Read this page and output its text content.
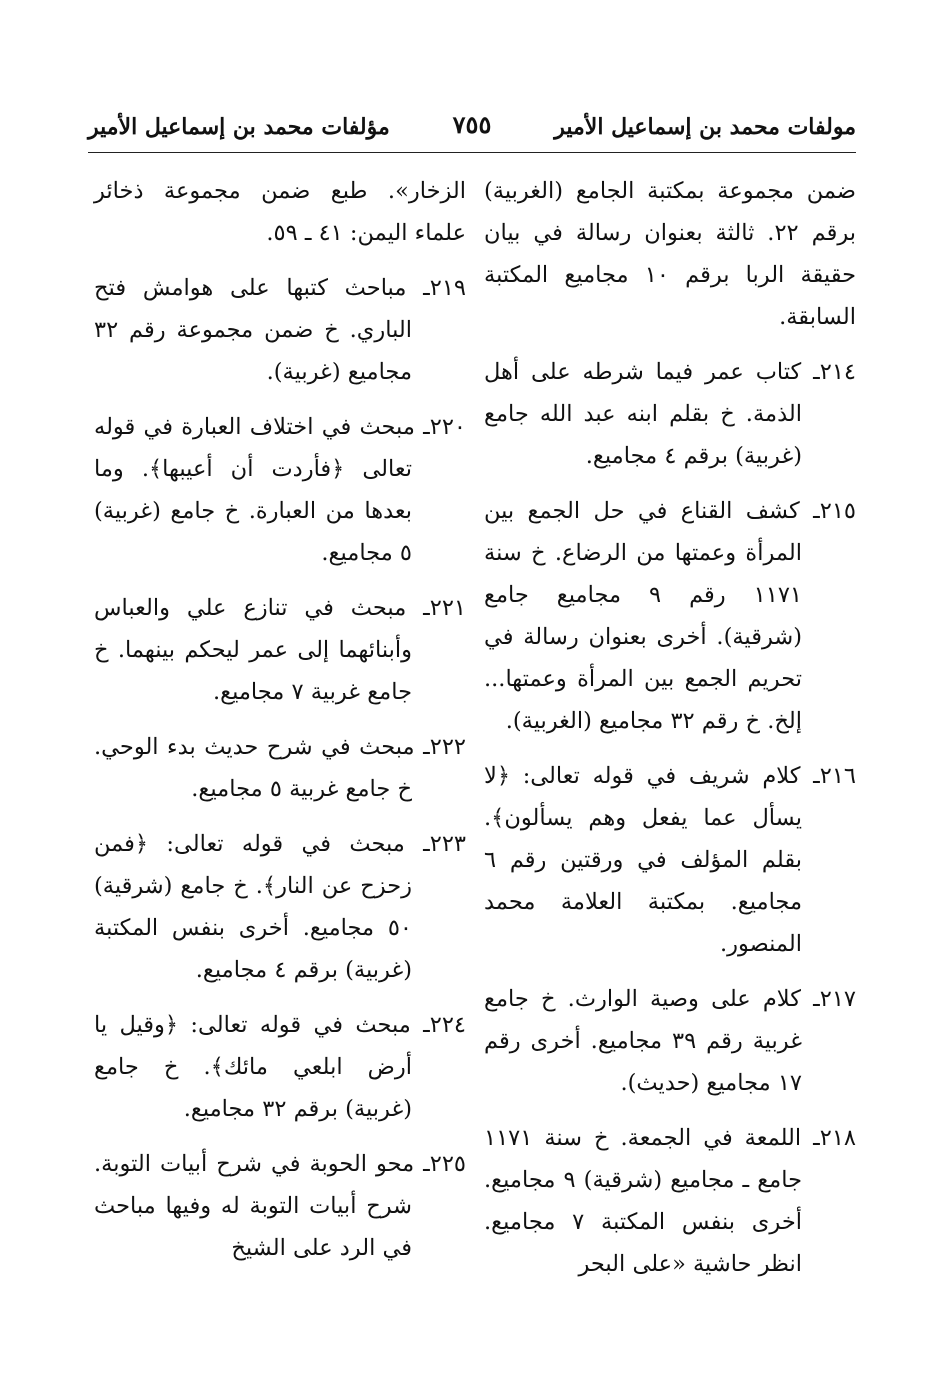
مولفات محمد بن إسماعيل الأمير
٧٥٥
مؤلفات محمد بن إسماعيل الأمير

ضمن مجموعة بمكتبة الجامع (الغربية) برقم ٢٢. ثالثة بعنوان رسالة في بيان حقيقة الربا برقم ١٠ مجاميع المكتبة السابقة.

٢١٤ـ كتاب عمر فيما شرطه على أهل الذمة. خ بقلم ابنه عبد الله جامع (غربية) برقم ٤ مجاميع.

٢١٥ـ كشف القناع في حل الجمع بين المرأة وعمتها من الرضاع. خ سنة ١١٧١ رقم ٩ مجاميع جامع (شرقية). أخرى بعنوان رسالة في تحريم الجمع بين المرأة وعمتها... إلخ. خ رقم ٣٢ مجاميع (الغربية).

٢١٦ـ كلام شريف في قوله تعالى: ﴿لا يسأل عما يفعل وهم يسألون﴾. بقلم المؤلف في ورقتين رقم ٦ مجاميع. بمكتبة العلامة محمد المنصور.

٢١٧ـ كلام على وصية الوارث. خ جامع غربية رقم ٣٩ مجاميع. أخرى رقم ١٧ مجاميع (حديث).

٢١٨ـ اللمعة في الجمعة. خ سنة ١١٧١ جامع ـ مجاميع (شرقية) ٩ مجاميع. أخرى بنفس المكتبة ٧ مجاميع. انظر حاشية «على البحر

الزخار». طبع ضمن مجموعة ذخائر علماء اليمن: ٤١ ـ ٥٩.

٢١٩ـ مباحث كتبها على هوامش فتح الباري. خ ضمن مجموعة رقم ٣٢ مجاميع (غربية).

٢٢٠ـ مبحث في اختلاف العبارة في قوله تعالى ﴿فأردت أن أعيبها﴾. وما بعدها من العبارة. خ جامع (غربية) ٥ مجاميع.

٢٢١ـ مبحث في تنازع علي والعباس وأبنائهما إلى عمر ليحكم بينهما. خ جامع غربية ٧ مجاميع.

٢٢٢ـ مبحث في شرح حديث بدء الوحي. خ جامع غربية ٥ مجاميع.

٢٢٣ـ مبحث في قوله تعالى: ﴿فمن زحزح عن النار﴾. خ جامع (شرقية) ٥٠ مجاميع. أخرى بنفس المكتبة (غربية) برقم ٤ مجاميع.

٢٢٤ـ مبحث في قوله تعالى: ﴿وقيل يا أرض ابلعي مائك﴾. خ جامع (غربية) برقم ٣٢ مجاميع.

٢٢٥ـ محو الحوبة في شرح أبيات التوبة. شرح أبيات التوبة له وفيها مباحث في الرد على الشيخ
